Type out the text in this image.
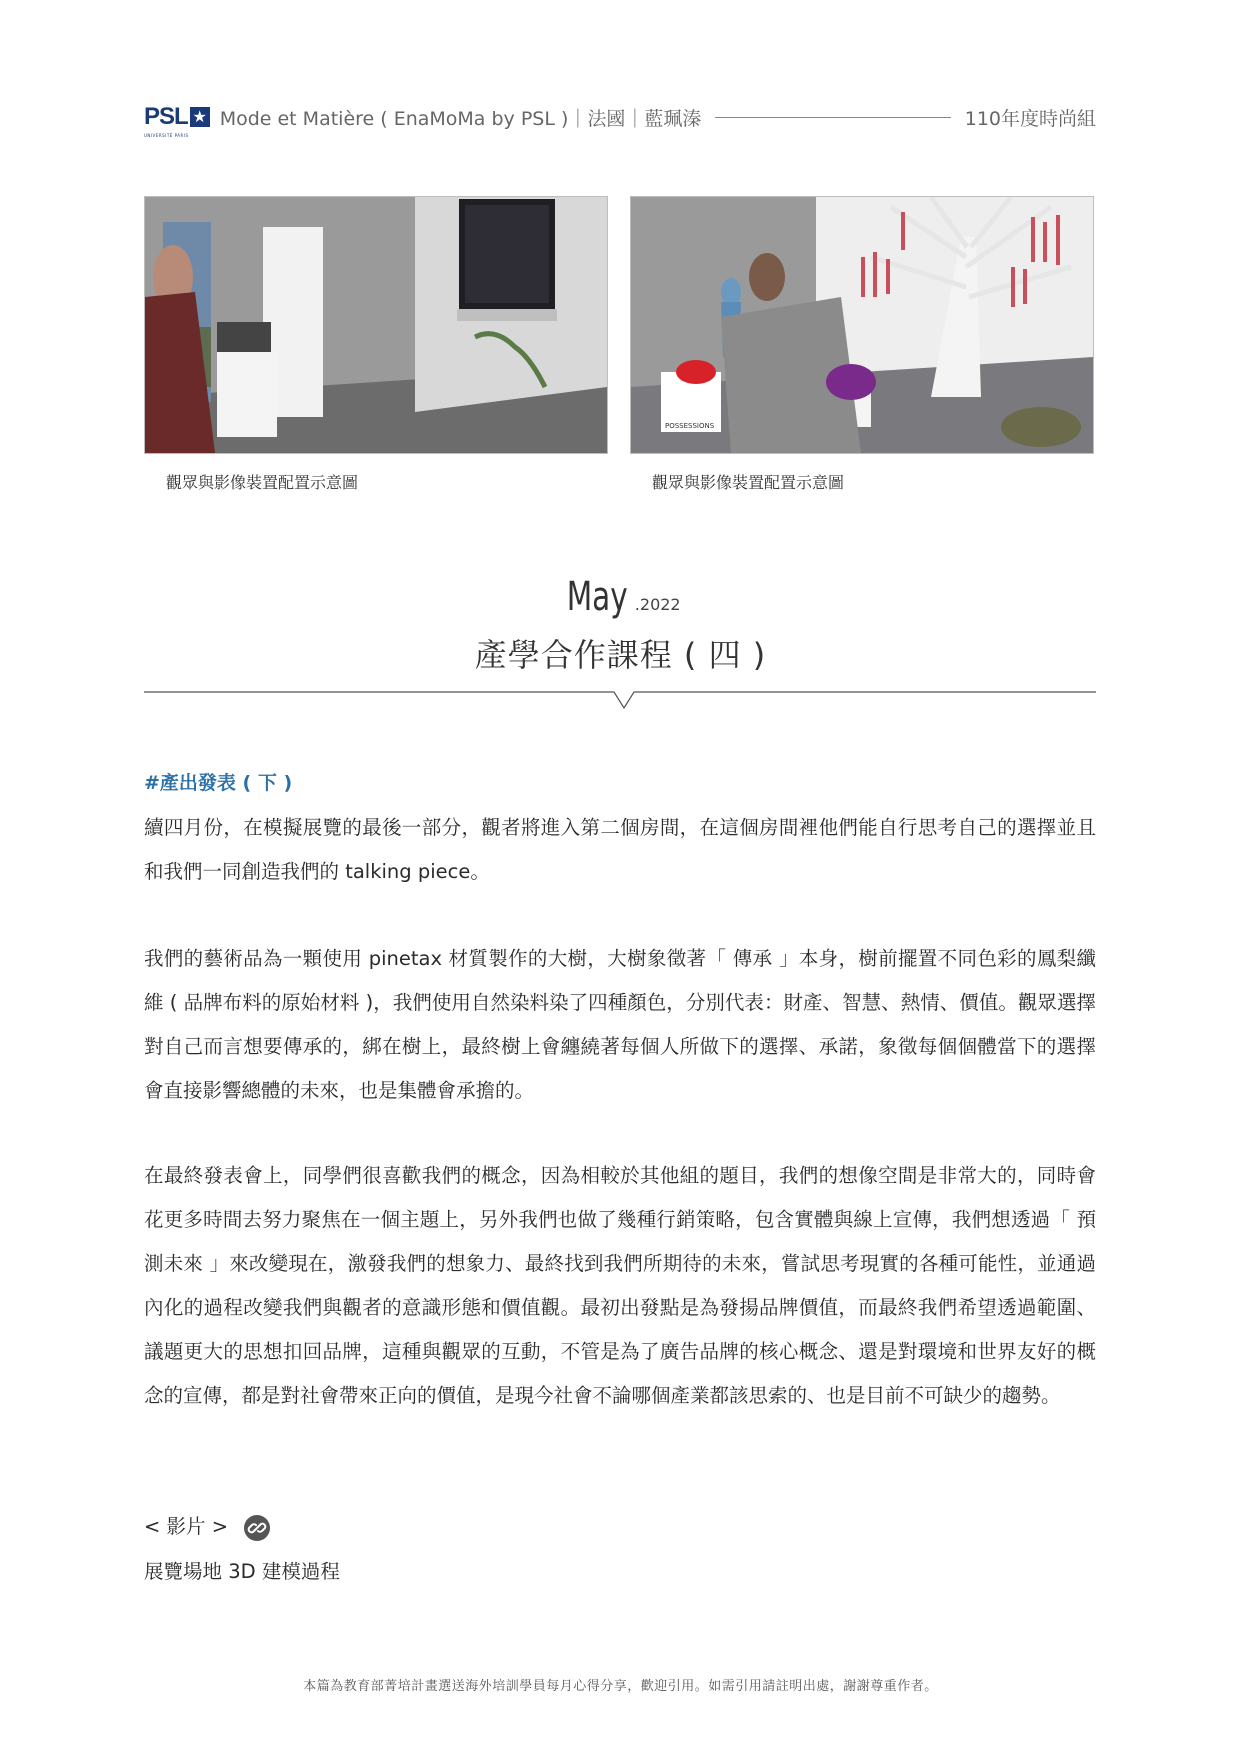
PSL ★
UNIVERSITÉ PARIS
Mode et Matière ( EnaMoMa by PSL )｜法國｜藍珮溱	110年度時尚組
觀眾與影像裝置配置示意圖
POSSESSIONS
觀眾與影像裝置配置示意圖
May .2022
產學合作課程 ( 四 )
#產出發表 ( 下 )
續四月份，在模擬展覽的最後一部分，觀者將進入第二個房間，在這個房間裡他們能自行思考自己的選擇並且和我們一同創造我們的 talking piece。
我們的藝術品為一顆使用 pinetax 材質製作的大樹，大樹象徵著「 傳承 」本身，樹前擺置不同色彩的鳳梨纖維 ( 品牌布料的原始材料 )，我們使用自然染料染了四種顏色，分別代表：財產、智慧、熱情、價值。觀眾選擇對自己而言想要傳承的，綁在樹上，最終樹上會纏繞著每個人所做下的選擇、承諾，象徵每個個體當下的選擇會直接影響總體的未來，也是集體會承擔的。
在最終發表會上，同學們很喜歡我們的概念，因為相較於其他組的題目，我們的想像空間是非常大的，同時會花更多時間去努力聚焦在一個主題上，另外我們也做了幾種行銷策略，包含實體與線上宣傳，我們想透過「 預測未來 」來改變現在，激發我們的想象力、最終找到我們所期待的未來，嘗試思考現實的各種可能性，並通過內化的過程改變我們與觀者的意識形態和價值觀。最初出發點是為發揚品牌價值，而最終我們希望透過範圍、議題更大的思想扣回品牌，這種與觀眾的互動，不管是為了廣告品牌的核心概念、還是對環境和世界友好的概念的宣傳，都是對社會帶來正向的價值，是現今社會不論哪個產業都該思索的、也是目前不可缺少的趨勢。
< 影片 >
展覽場地 3D 建模過程
本篇為教育部菁培計畫選送海外培訓學員每月心得分享，歡迎引用。如需引用請註明出處，謝謝尊重作者。
